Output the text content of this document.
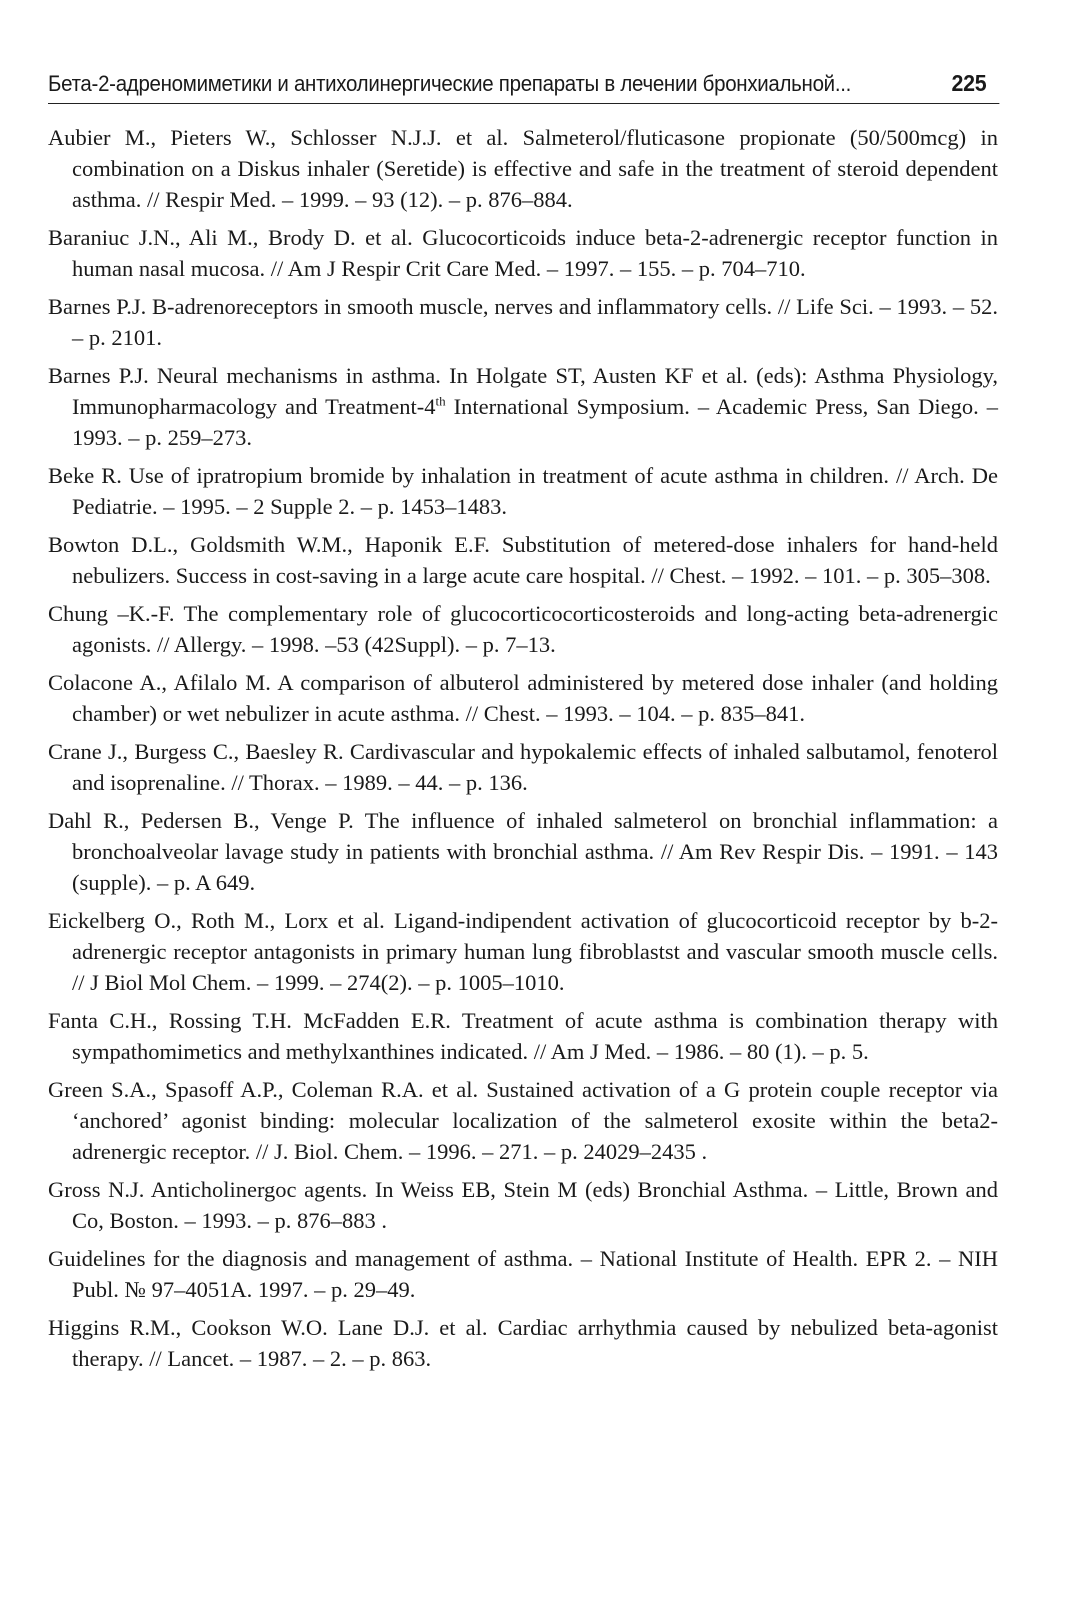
Бета-2-адреномиметики и антихолинергические препараты в лечении бронхиальной...	225

Aubier M., Pieters W., Schlosser N.J.J. et al. Salmeterol/fluticasone propionate (50/500mcg) in combination on a Diskus inhaler (Seretide) is effective and safe in the treatment of steroid dependent asthma. // Respir Med. – 1999. – 93 (12). – p. 876–884.

Baraniuc J.N., Ali M., Brody D. et al. Glucocorticoids induce beta-2-adrenergic receptor function in human nasal mucosa. // Am J Respir Crit Care Med. – 1997. – 155. – p. 704–710.

Barnes P.J. B-adrenoreceptors in smooth muscle, nerves and inflammatory cells. // Life Sci. – 1993. – 52. – p. 2101.

Barnes P.J. Neural mechanisms in asthma. In Holgate ST, Austen KF et al. (eds): Asthma Physiology, Immunopharmacology and Treatment-4th International Symposium. – Academic Press, San Diego. – 1993. – p. 259–273.

Beke R. Use of ipratropium bromide by inhalation in treatment of acute asthma in children. // Arch. De Pediatrie. – 1995. – 2 Supple 2. – p. 1453–1483.

Bowton D.L., Goldsmith W.M., Haponik E.F. Substitution of metered-dose inhalers for hand-held nebulizers. Success in cost-saving in a large acute care hospital. // Chest. – 1992. – 101. – p. 305–308.

Chung –K.-F. The complementary role of glucocorticocorticosteroids and long-acting beta-adrenergic agonists. // Allergy. – 1998. –53 (42Suppl). – p. 7–13.

Colacone A., Afilalo M. A comparison of albuterol administered by metered dose inhaler (and holding chamber) or wet nebulizer in acute asthma. // Chest. – 1993. – 104. – p. 835–841.

Crane J., Burgess C., Baesley R. Cardivascular and hypokalemic effects of inhaled salbutamol, fenoterol and isoprenaline. // Thorax. – 1989. – 44. – p. 136.

Dahl R., Pedersen B., Venge P. The influence of inhaled salmeterol on bronchial inflammation: a bronchoalveolar lavage study in patients with bronchial asthma. // Am Rev Respir Dis. – 1991. – 143 (supple). – p. A 649.

Eickelberg O., Roth M., Lorx et al. Ligand-indipendent activation of glucocorticoid receptor by b-2-adrenergic receptor antagonists in primary human lung fibroblastst and vascular smooth muscle cells. // J Biol Mol Chem. – 1999. – 274(2). – p. 1005–1010.

Fanta C.H., Rossing T.H. McFadden E.R. Treatment of acute asthma is combination therapy with sympathomimetics and methylxanthines indicated. // Am J Med. – 1986. – 80 (1). – p. 5.

Green S.A., Spasoff A.P., Coleman R.A. et al. Sustained activation of a G protein couple receptor via ‘anchored’ agonist binding: molecular localization of the salmeterol exosite within the beta2-adrenergic receptor. // J. Biol. Chem. – 1996. – 271. – p. 24029–2435 .

Gross N.J. Anticholinergoc agents. In Weiss EB, Stein M (eds) Bronchial Asthma. – Little, Brown and Co, Boston. – 1993. – p. 876–883 .

Guidelines for the diagnosis and management of asthma. – National Institute of Health. EPR 2. – NIH Publ. № 97–4051A. 1997. – p. 29–49.

Higgins R.M., Cookson W.O. Lane D.J. et al. Cardiac arrhythmia caused by nebulized beta-agonist therapy. // Lancet. – 1987. – 2. – p. 863.
